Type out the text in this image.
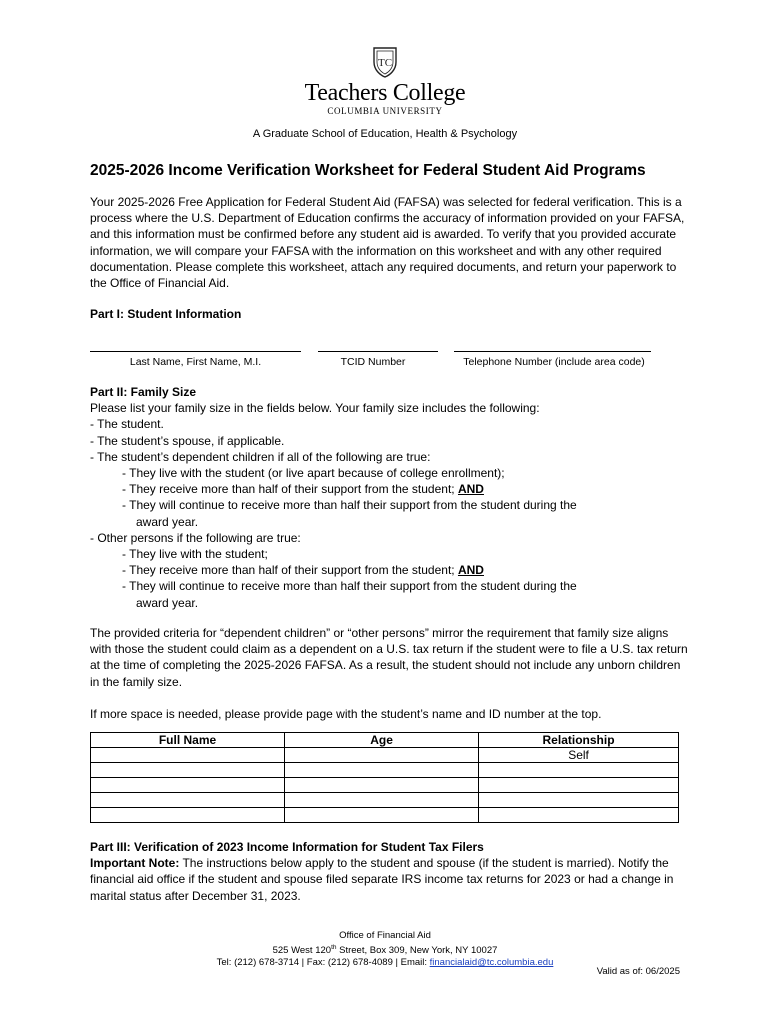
TC
Teachers College
COLUMBIA UNIVERSITY
A Graduate School of Education, Health & Psychology
2025-2026 Income Verification Worksheet for Federal Student Aid Programs
Your 2025-2026 Free Application for Federal Student Aid (FAFSA) was selected for federal verification. This is a process where the U.S. Department of Education confirms the accuracy of information provided on your FAFSA, and this information must be confirmed before any student aid is awarded. To verify that you provided accurate information, we will compare your FAFSA with the information on this worksheet and with any other required documentation. Please complete this worksheet, attach any required documents, and return your paperwork to the Office of Financial Aid.
Part I: Student Information
Last Name, First Name, M.I.	TCID Number	Telephone Number (include area code)
Part II: Family Size
Please list your family size in the fields below. Your family size includes the following:
- The student.
- The student’s spouse, if applicable.
- The student’s dependent children if all of the following are true:
- They live with the student (or live apart because of college enrollment);
- They receive more than half of their support from the student; AND
- They will continue to receive more than half their support from the student during the
award year.
- Other persons if the following are true:
- They live with the student;
- They receive more than half of their support from the student; AND
- They will continue to receive more than half their support from the student during the
award year.
The provided criteria for “dependent children” or “other persons” mirror the requirement that family size aligns with those the student could claim as a dependent on a U.S. tax return if the student were to file a U.S. tax return at the time of completing the 2025-2026 FAFSA. As a result, the student should not include any unborn children in the family size.
If more space is needed, please provide page with the student’s name and ID number at the top.
Full Name	Age	Relationship
		Self

Part III: Verification of 2023 Income Information for Student Tax Filers
Important Note: The instructions below apply to the student and spouse (if the student is married). Notify the financial aid office if the student and spouse filed separate IRS income tax returns for 2023 or had a change in marital status after December 31, 2023.
Office of Financial Aid
525 West 120th Street, Box 309, New York, NY 10027
Tel: (212) 678-3714 | Fax: (212) 678-4089 | Email: financialaid@tc.columbia.edu
Valid as of: 06/2025
